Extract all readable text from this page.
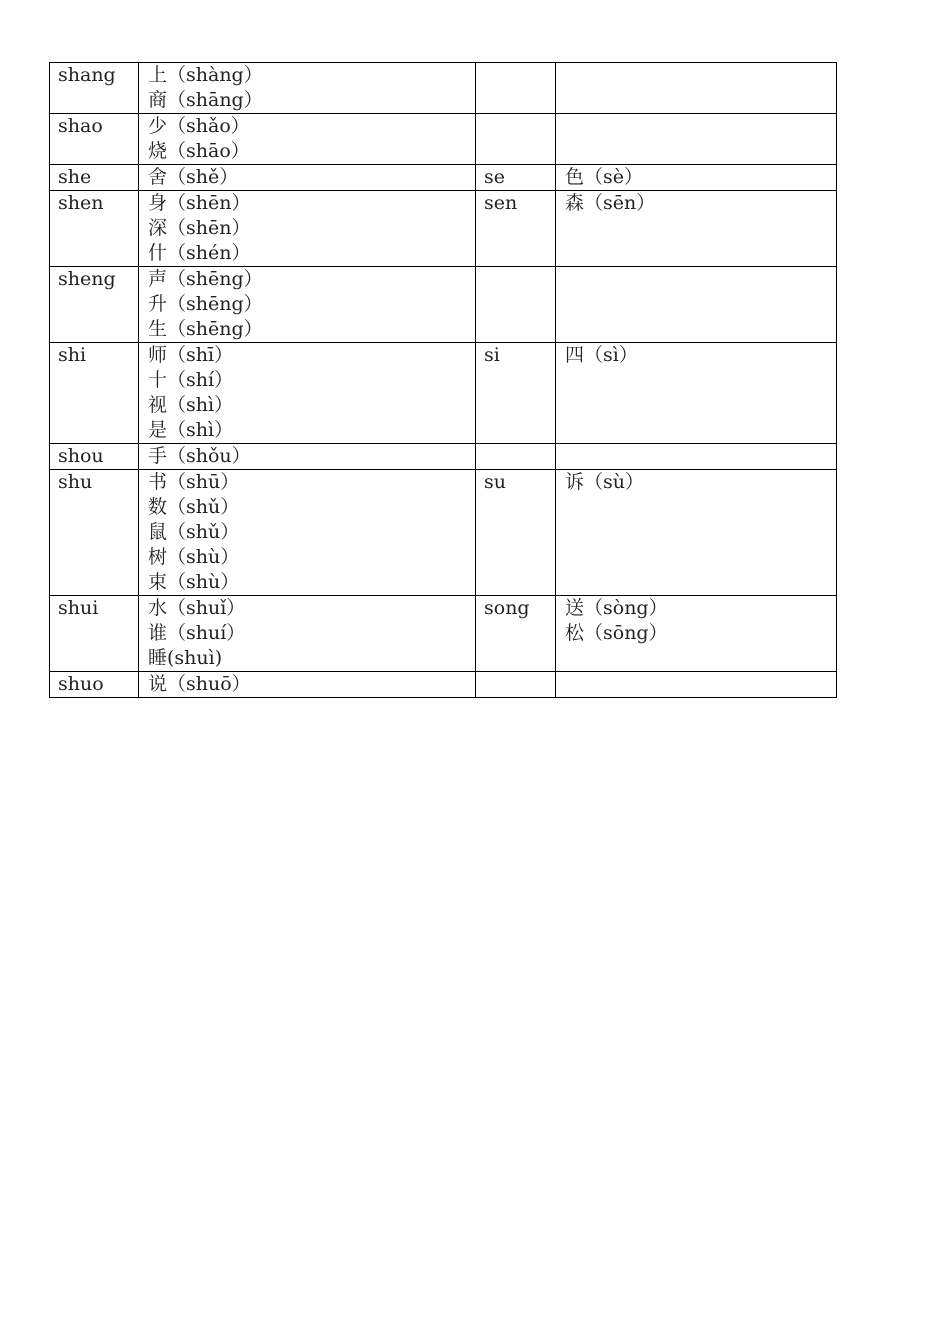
shang	上（shàng）
商（shāng）		

shao	少（shǎo）
烧（shāo）		

she	舍（shě）	se	色（sè）

shen	身（shēn）
深（shēn）
什（shén）	sen	森（sēn）

sheng	声（shēng）
升（shēng）
生（shēng）		

shi	师（shī）
十（shí）
视（shì）
是（shì）	si	四（sì）

shou	手（shǒu）		

shu	书（shū）
数（shǔ）
鼠（shǔ）
树（shù）
束（shù）	su	诉（sù）

shui	水（shuǐ）
谁（shuí）
睡(shuì)	song	送（sòng）
松（sōng）

shuo	说（shuō）		
